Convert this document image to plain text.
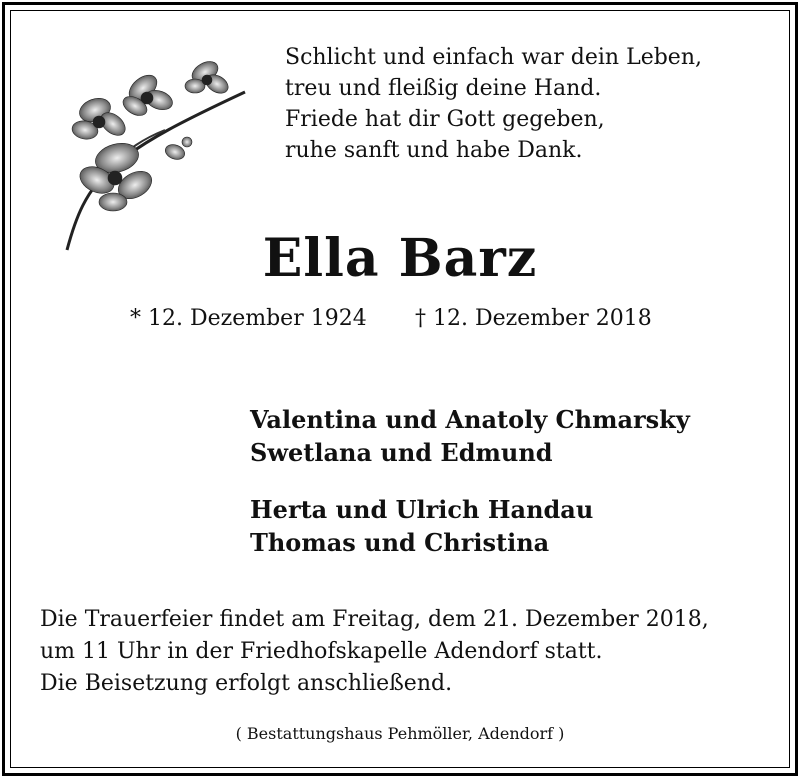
Schlicht und einfach war dein Leben,
treu und fleißig deine Hand.
Friede hat dir Gott gegeben,
ruhe sanft und habe Dank.
Ella Barz
* 12. Dezember 1924 † 12. Dezember 2018
Valentina und Anatoly Chmarsky
Swetlana und Edmund
Herta und Ulrich Handau
Thomas und Christina
Die Trauerfeier findet am Freitag, dem 21. Dezember 2018,
um 11 Uhr in der Friedhofskapelle Adendorf statt.
Die Beisetzung erfolgt anschließend.
( Bestattungshaus Pehmöller, Adendorf )
